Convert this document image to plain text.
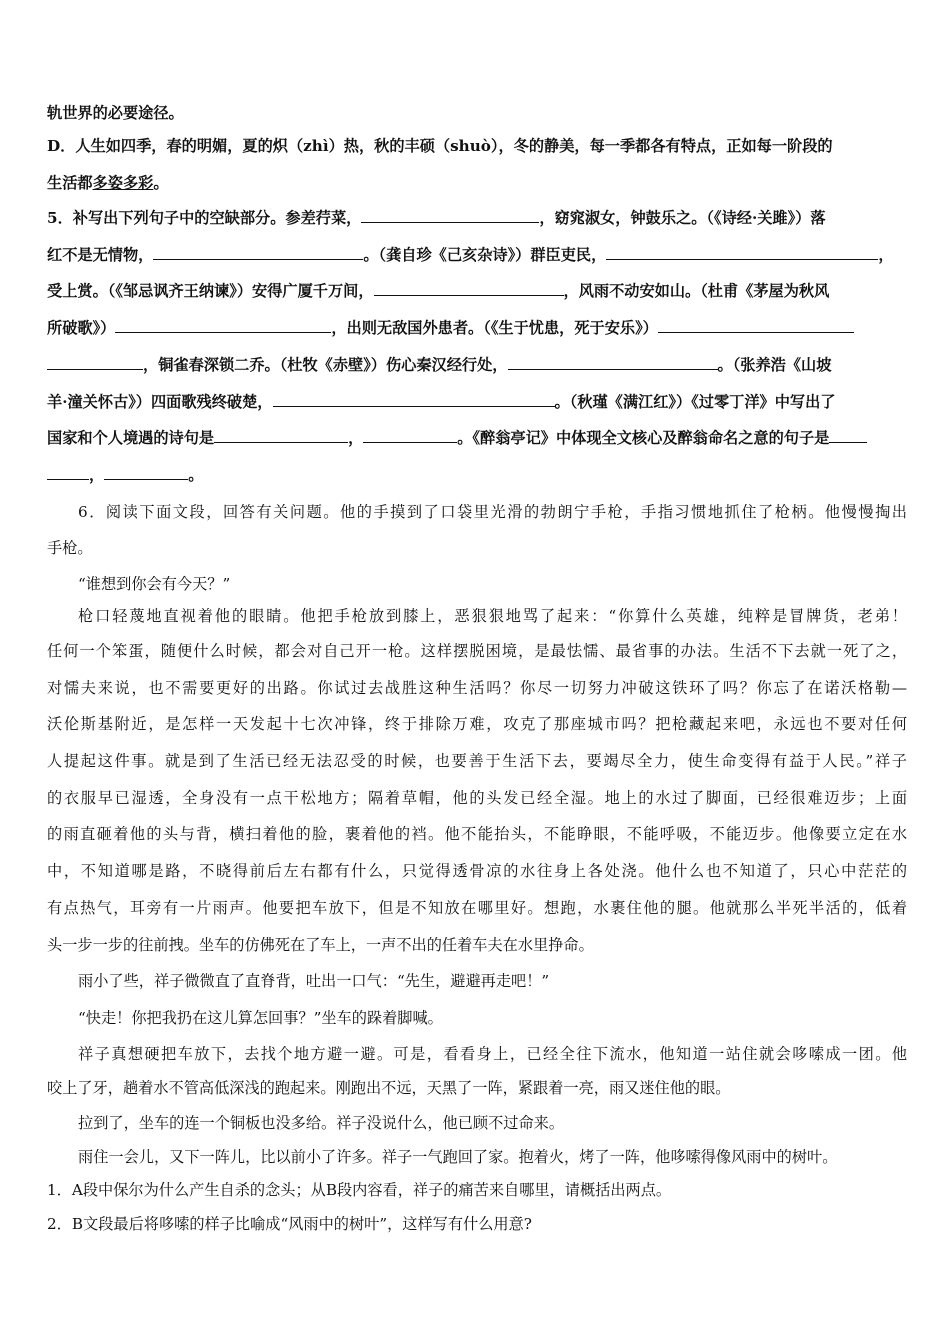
轨世界的必要途径。
D．人生如四季，春的明媚，夏的炽（zhì）热，秋的丰硕（shuò），冬的静美，每一季都各有特点，正如每一阶段的
生活都多姿多彩。
5．补写出下列句子中的空缺部分。参差荇菜，	，窈窕淑女，钟鼓乐之。（《诗经·关雎》）落
红不是无情物，	。（龚自珍《己亥杂诗》）群臣吏民，	，
受上赏。（《邹忌讽齐王纳谏》）安得广厦千万间，	，风雨不动安如山。（杜甫《茅屋为秋风
所破歌》）	，出则无敌国外患者。（《生于忧患，死于安乐》）
，铜雀春深锁二乔。（杜牧《赤壁》）伤心秦汉经行处，	。（张养浩《山坡
羊·潼关怀古》）四面歌残终破楚，	。（秋瑾《满江红》）《过零丁洋》中写出了
国家和个人境遇的诗句是	，	。《醉翁亭记》中体现全文核心及醉翁命名之意的句子是
，	。
6．阅读下面文段，回答有关问题。他的手摸到了口袋里光滑的勃朗宁手枪，手指习惯地抓住了枪柄。他慢慢掏出
手枪。
“谁想到你会有今天？”
枪口轻蔑地直视着他的眼睛。他把手枪放到膝上，恶狠狠地骂了起来：“你算什么英雄，纯粹是冒牌货，老弟！
任何一个笨蛋，随便什么时候，都会对自己开一枪。这样摆脱困境，是最怯懦、最省事的办法。生活不下去就一死了之，
对懦夫来说，也不需要更好的出路。你试过去战胜这种生活吗？你尽一切努力冲破这铁环了吗？你忘了在诺沃格勒—
沃伦斯基附近，是怎样一天发起十七次冲锋，终于排除万难，攻克了那座城市吗？把枪藏起来吧，永远也不要对任何
人提起这件事。就是到了生活已经无法忍受的时候，也要善于生活下去，要竭尽全力，使生命变得有益于人民。”祥子
的衣服早已湿透，全身没有一点干松地方；隔着草帽，他的头发已经全湿。地上的水过了脚面，已经很难迈步；上面
的雨直砸着他的头与背，横扫着他的脸，裹着他的裆。他不能抬头，不能睁眼，不能呼吸，不能迈步。他像要立定在水
中，不知道哪是路，不晓得前后左右都有什么，只觉得透骨凉的水往身上各处浇。他什么也不知道了，只心中茫茫的
有点热气，耳旁有一片雨声。他要把车放下，但是不知放在哪里好。想跑，水裹住他的腿。他就那么半死半活的，低着
头一步一步的往前拽。坐车的仿佛死在了车上，一声不出的任着车夫在水里挣命。
雨小了些，祥子微微直了直脊背，吐出一口气：“先生，避避再走吧！”
“快走！你把我扔在这儿算怎回事？”坐车的跺着脚喊。
祥子真想硬把车放下，去找个地方避一避。可是，看看身上，已经全往下流水，他知道一站住就会哆嗦成一团。他
咬上了牙，趟着水不管高低深浅的跑起来。刚跑出不远，天黑了一阵，紧跟着一亮，雨又迷住他的眼。
拉到了，坐车的连一个铜板也没多给。祥子没说什么，他已顾不过命来。
雨住一会儿，又下一阵儿，比以前小了许多。祥子一气跑回了家。抱着火，烤了一阵，他哆嗦得像风雨中的树叶。
1．A段中保尔为什么产生自杀的念头；从B段内容看，祥子的痛苦来自哪里，请概括出两点。
2．B文段最后将哆嗦的样子比喻成“风雨中的树叶”，这样写有什么用意?
